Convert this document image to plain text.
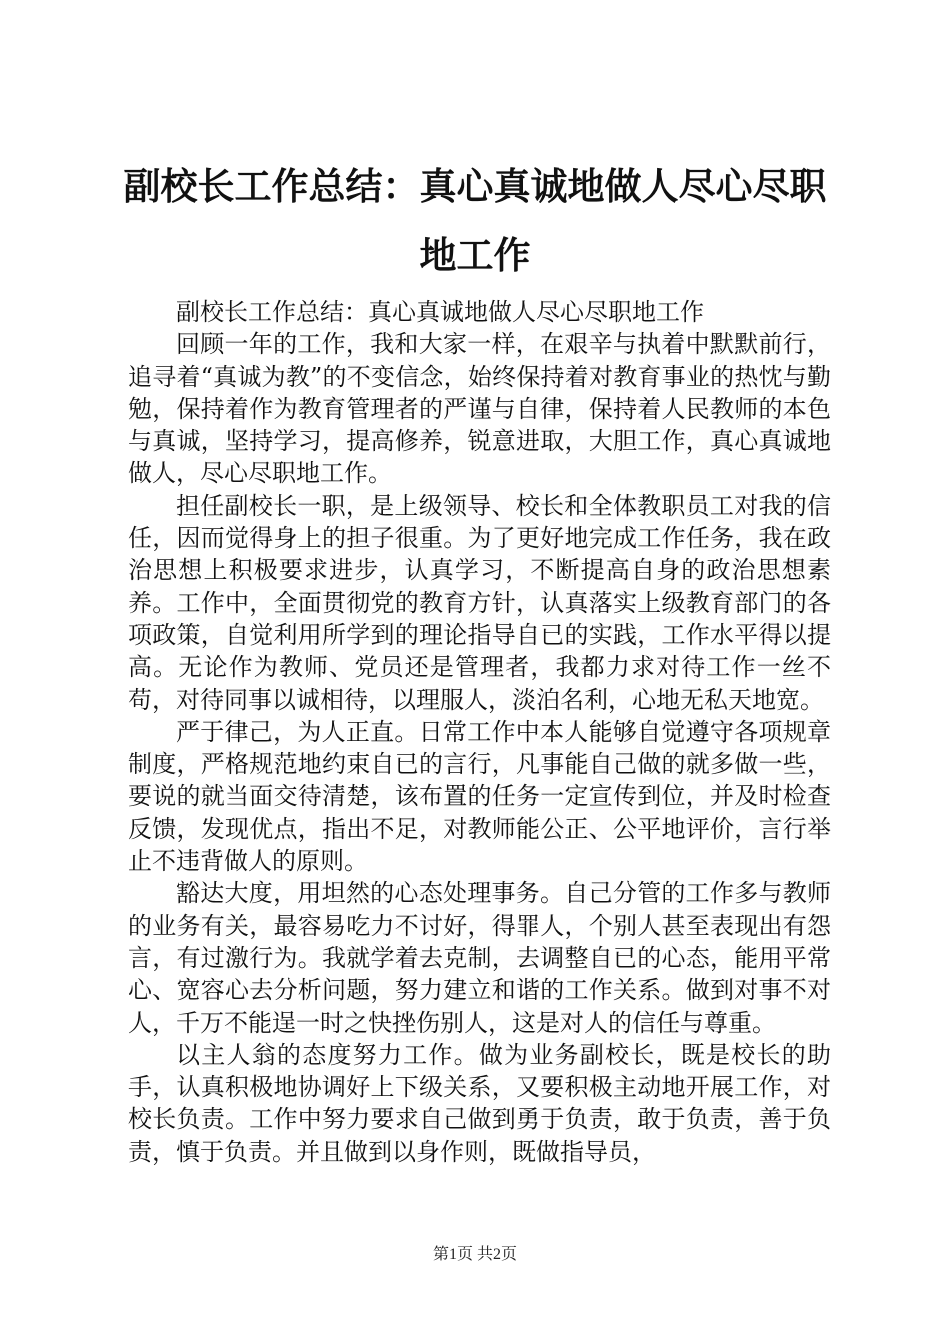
副校长工作总结：真心真诚地做人尽心尽职地工作

副校长工作总结：真心真诚地做人尽心尽职地工作

回顾一年的工作，我和大家一样，在艰辛与执着中默默前行，追寻着“真诚为教”的不变信念，始终保持着对教育事业的热忱与勤勉，保持着作为教育管理者的严谨与自律，保持着人民教师的本色与真诚，坚持学习，提高修养，锐意进取，大胆工作，真心真诚地做人，尽心尽职地工作。

担任副校长一职，是上级领导、校长和全体教职员工对我的信任，因而觉得身上的担子很重。为了更好地完成工作任务，我在政治思想上积极要求进步，认真学习，不断提高自身的政治思想素养。工作中，全面贯彻党的教育方针，认真落实上级教育部门的各项政策，自觉利用所学到的理论指导自已的实践，工作水平得以提高。无论作为教师、党员还是管理者，我都力求对待工作一丝不苟，对待同事以诚相待，以理服人，淡泊名利，心地无私天地宽。

严于律己，为人正直。日常工作中本人能够自觉遵守各项规章制度，严格规范地约束自已的言行，凡事能自己做的就多做一些，要说的就当面交待清楚，该布置的任务一定宣传到位，并及时检查反馈，发现优点，指出不足，对教师能公正、公平地评价，言行举止不违背做人的原则。

豁达大度，用坦然的心态处理事务。自己分管的工作多与教师的业务有关，最容易吃力不讨好，得罪人，个别人甚至表现出有怨言，有过激行为。我就学着去克制，去调整自已的心态，能用平常心、宽容心去分析问题，努力建立和谐的工作关系。做到对事不对人，千万不能逞一时之快挫伤别人，这是对人的信任与尊重。

以主人翁的态度努力工作。做为业务副校长，既是校长的助手，认真积极地协调好上下级关系，又要积极主动地开展工作，对校长负责。工作中努力要求自己做到勇于负责，敢于负责，善于负责，慎于负责。并且做到以身作则，既做指导员，

第1页 共2页
